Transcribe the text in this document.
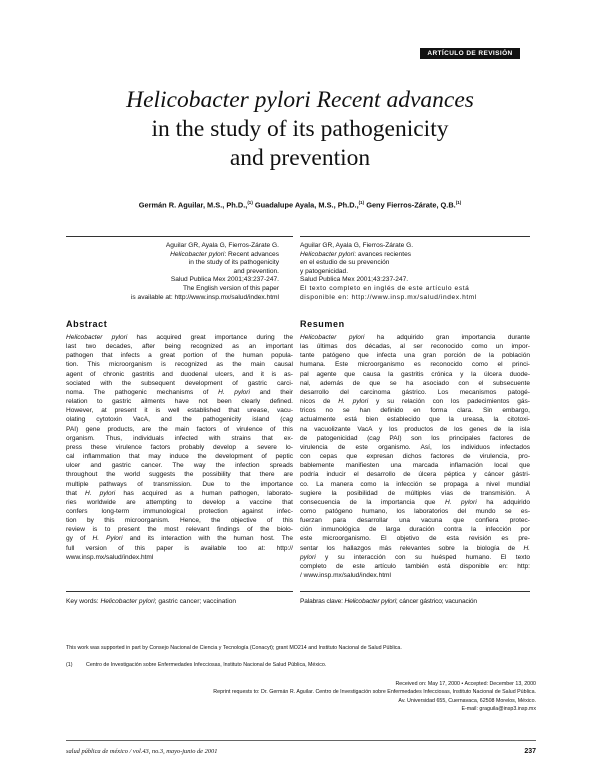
ARTÍCULO DE REVISIÓN
Helicobacter pylori Recent advances
in the study of its pathogenicity
and prevention
Germán R. Aguilar, M.S., Ph.D.,$^{(1)}$ Guadalupe Ayala, M.S., Ph.D.,$^{(1)}$ Geny Fierros-Zárate, Q.B.$^{(1)}$
Aguilar GR, Ayala G, Fierros-Zárate G.
Helicobacter pylori: Recent advances
in the study of its pathogenicity
and prevention.
Salud Publica Mex 2001;43:237-247.
The English version of this paper
is available at: http://www.insp.mx/salud/index.html
Aguilar GR, Ayala G, Fierros-Zárate G.
Helicobacter pylori: avances recientes
en el estudio de su prevención
y patogenicidad.
Salud Publica Mex 2001;43:237-247.
El texto completo en inglés de este artículo está
disponible en: http://www.insp.mx/salud/index.html
Abstract
Helicobacter pylori has acquired great importance during the
last two decades, after being recognized as an important
pathogen that infects a great portion of the human popula-
tion. This microorganism is recognized as the main causal
agent of chronic gastritis and duodenal ulcers, and it is as-
sociated with the subsequent development of gastric carci-
noma. The pathogenic mechanisms of H. pylori and their
relation to gastric ailments have not been clearly defined.
However, at present it is well established that urease, vacu-
olating cytotoxin VacA, and the pathogenicity island (cag
PAI) gene products, are the main factors of virulence of this
organism. Thus, individuals infected with strains that ex-
press these virulence factors probably develop a severe lo-
cal inflammation that may induce the development of peptic
ulcer and gastric cancer. The way the infection spreads
throughout the world suggests the possibility that there are
multiple pathways of transmission. Due to the importance
that H. pylori has acquired as a human pathogen, laborato-
ries worldwide are attempting to develop a vaccine that
confers long-term immunological protection against infec-
tion by this microorganism. Hence, the objective of this
review is to present the most relevant findings of the biolo-
gy of H. Pylori and its interaction with the human host. The
full version of this paper is available too at: http://
www.insp.mx/salud/index.html
Resumen
Helicobacter pylori ha adquirido gran importancia durante
las últimas dos décadas, al ser reconocido como un impor-
tante patógeno que infecta una gran porción de la población
humana. Este microorganismo es reconocido como el princi-
pal agente que causa la gastritis crónica y la úlcera duode-
nal, además de que se ha asociado con el subsecuente
desarrollo del carcinoma gástrico. Los mecanismos patogé-
nicos de H. pylori y su relación con los padecimientos gás-
tricos no se han definido en forma clara. Sin embargo,
actualmente está bien establecido que la ureasa, la citotoxi-
na vacuolizante VacA y los productos de los genes de la isla
de patogenicidad (cag PAI) son los principales factores de
virulencia de este organismo. Así, los individuos infectados
con cepas que expresan dichos factores de virulencia, pro-
bablemente manifiesten una marcada inflamación local que
podría inducir el desarrollo de úlcera péptica y cáncer gástri-
co. La manera como la infección se propaga a nivel mundial
sugiere la posibilidad de múltiples vías de transmisión. A
consecuencia de la importancia que H. pylori ha adquirido
como patógeno humano, los laboratorios del mundo se es-
fuerzan para desarrollar una vacuna que confiera protec-
ción inmunológica de larga duración contra la infección por
este microorganismo. El objetivo de esta revisión es pre-
sentar los hallazgos más relevantes sobre la biología de H.
pylori y su interacción con su huésped humano. El texto
completo de este artículo también está disponible en: http:
/ www.insp.mx/salud/index.html
Key words: Helicobacter pylori; gastric cancer; vaccination	Palabras clave: Helicobacter pylori; cáncer gástrico; vacunación
This work was supported in part by Consejo Nacional de Ciencia y Tecnología (Conacyt); grant MO214 and Instituto Nacional de Salud Pública.
(1)	Centro de Investigación sobre Enfermedades Infecciosas, Instituto Nacional de Salud Pública, México.
Received on: May 17, 2000 • Accepted: December 13, 2000
Reprint requests to: Dr. Germán R. Aguilar. Centro de Investigación sobre Enfermedades Infecciosas, Instituto Nacional de Salud Pública.
Av. Universidad 655, Cuernavaca, 62508 Morelos, México.
E-mail: graguila@insp3.insp.mx
salud pública de méxico / vol.43, no.3, mayo-junio de 2001	237
